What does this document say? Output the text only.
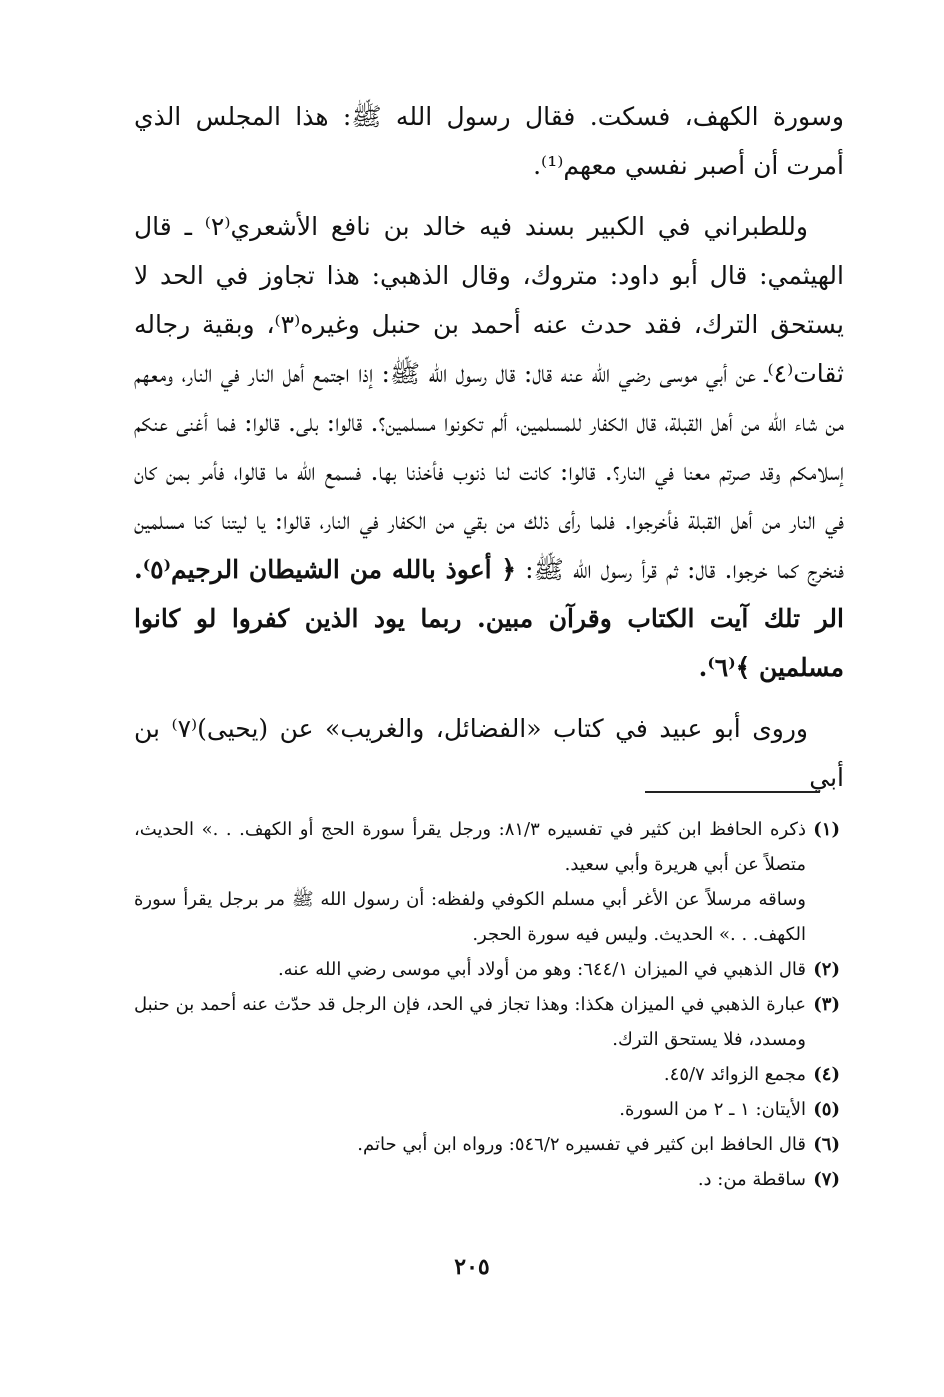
وسورة الكهف، فسكت. فقال رسول الله ﷺ: هذا المجلس الذي أمرت أن أصبر نفسي معهم⁽¹⁾.

وللطبراني في الكبير بسند فيه خالد بن نافع الأشعري⁽٢⁾ ـ قال الهيثمي: قال أبو داود: متروك، وقال الذهبي: هذا تجاوز في الحد لا يستحق الترك، فقد حدث عنه أحمد بن حنبل وغيره⁽٣⁾، وبقية رجاله ثقات⁽٤⁾ـ عن أبي موسى رضي الله عنه قال: قال رسول الله ﷺ: إذا اجتمع أهل النار في النار، ومعهم من شاء الله من أهل القبلة، قال الكفار للمسلمين، ألم تكونوا مسلمين؟. قالوا: بلى. قالوا: فما أغنى عنكم إسلامكم وقد صرتم معنا في النار؟. قالوا: كانت لنا ذنوب فأخذنا بها. فسمع الله ما قالوا، فأمر بمن كان في النار من أهل القبلة فأخرجوا. فلما رأى ذلك من بقي من الكفار في النار، قالوا: يا ليتنا كنا مسلمين فنخرج كما خرجوا. قال: ثم قرأ رسول الله ﷺ: ﴿ أعوذ بالله من الشيطان الرجيم⁽٥⁾. الر تلك آيت الكتاب وقرآن مبين. ربما يود الذين كفروا لو كانوا مسلمين ﴾⁽٦⁾.

وروى أبو عبيد في كتاب «الفضائل، والغريب» عن (يحيى)⁽٧⁾ بن أبي

(١)
ذكره الحافظ ابن كثير في تفسيره ٨١/٣: ورجل يقرأ سورة الحج أو الكهف. . .» الحديث، متصلاً عن أبي هريرة وأبي سعيد.
وساقه مرسلاً عن الأغر أبي مسلم الكوفي ولفظه: أن رسول الله ﷺ مر برجل يقرأ سورة الكهف. . .» الحديث. وليس فيه سورة الحجر.
(٢)
قال الذهبي في الميزان ٦٤٤/١: وهو من أولاد أبي موسى رضي الله عنه.
(٣)
عبارة الذهبي في الميزان هكذا: وهذا تجاز في الحد، فإن الرجل قد حدّث عنه أحمد بن حنبل ومسدد، فلا يستحق الترك.
(٤)
مجمع الزوائد ٤٥/٧.
(٥)
الأيتان: ١ ـ ٢ من السورة.
(٦)
قال الحافظ ابن كثير في تفسيره ٥٤٦/٢: ورواه ابن أبي حاتم.
(٧)
ساقطة من: د.
٢٠٥
